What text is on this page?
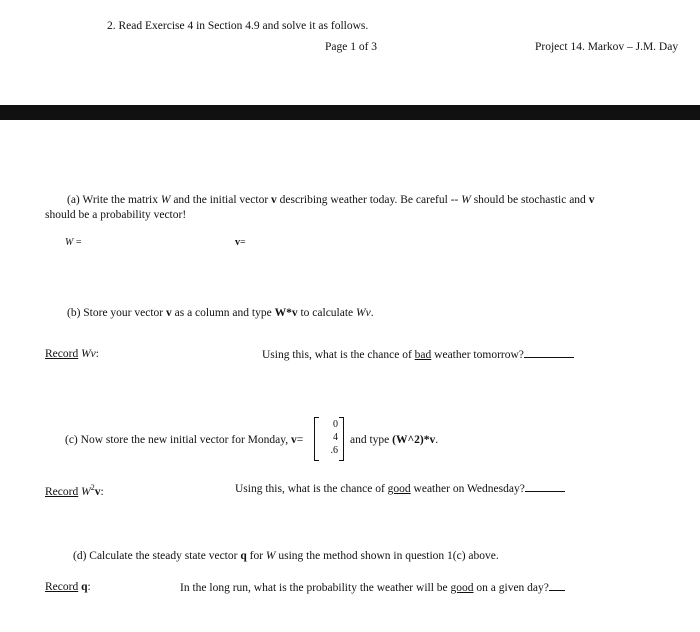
2. Read Exercise 4 in Section 4.9 and solve it as follows.
Page 1 of 3	Project 14. Markov – J.M. Day
(a) Write the matrix W and the initial vector v describing weather today. Be careful -- W should be stochastic and v
should be a probability vector!
W =	v=
(b) Store your vector v as a column and type W*v to calculate Wv.
Record Wv:	Using this, what is the chance of bad weather tomorrow?
(c) Now store the new initial vector for Monday, v=
0
4
.6
and type (W^2)*v.
Record $W^2v$:	Using this, what is the chance of good weather on Wednesday?
(d) Calculate the steady state vector q for W using the method shown in question 1(c) above.
Record q:	In the long run, what is the probability the weather will be good on a given day?
